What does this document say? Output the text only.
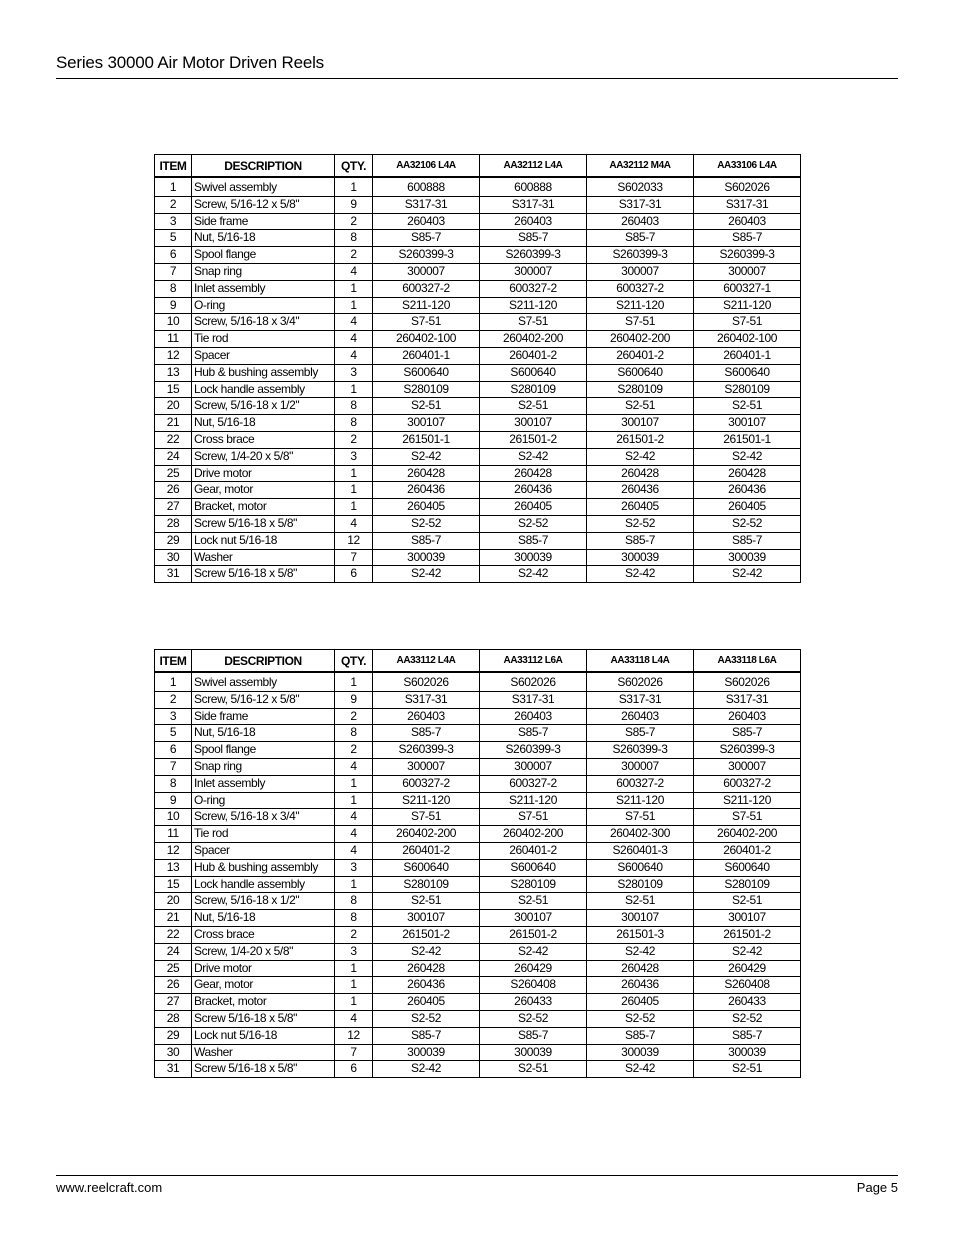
Series 30000 Air Motor Driven Reels
ITEM	DESCRIPTION	QTY.	AA32106 L4A	AA32112 L4A	AA32112 M4A	AA33106 L4A
1	Swivel assembly	1	600888	600888	S602033	S602026
2	Screw, 5/16-12 x 5/8"	9	S317-31	S317-31	S317-31	S317-31
3	Side frame	2	260403	260403	260403	260403
5	Nut, 5/16-18	8	S85-7	S85-7	S85-7	S85-7
6	Spool flange	2	S260399-3	S260399-3	S260399-3	S260399-3
7	Snap ring	4	300007	300007	300007	300007
8	Inlet assembly	1	600327-2	600327-2	600327-2	600327-1
9	O-ring	1	S211-120	S211-120	S211-120	S211-120
10	Screw, 5/16-18 x 3/4"	4	S7-51	S7-51	S7-51	S7-51
11	Tie rod	4	260402-100	260402-200	260402-200	260402-100
12	Spacer	4	260401-1	260401-2	260401-2	260401-1
13	Hub & bushing assembly	3	S600640	S600640	S600640	S600640
15	Lock handle assembly	1	S280109	S280109	S280109	S280109
20	Screw, 5/16-18 x 1/2"	8	S2-51	S2-51	S2-51	S2-51
21	Nut, 5/16-18	8	300107	300107	300107	300107
22	Cross brace	2	261501-1	261501-2	261501-2	261501-1
24	Screw, 1/4-20 x 5/8"	3	S2-42	S2-42	S2-42	S2-42
25	Drive motor	1	260428	260428	260428	260428
26	Gear, motor	1	260436	260436	260436	260436
27	Bracket, motor	1	260405	260405	260405	260405
28	Screw 5/16-18 x 5/8"	4	S2-52	S2-52	S2-52	S2-52
29	Lock nut 5/16-18	12	S85-7	S85-7	S85-7	S85-7
30	Washer	7	300039	300039	300039	300039
31	Screw 5/16-18 x 5/8"	6	S2-42	S2-42	S2-42	S2-42
ITEM	DESCRIPTION	QTY.	AA33112 L4A	AA33112 L6A	AA33118 L4A	AA33118 L6A
1	Swivel assembly	1	S602026	S602026	S602026	S602026
2	Screw, 5/16-12 x 5/8"	9	S317-31	S317-31	S317-31	S317-31
3	Side frame	2	260403	260403	260403	260403
5	Nut, 5/16-18	8	S85-7	S85-7	S85-7	S85-7
6	Spool flange	2	S260399-3	S260399-3	S260399-3	S260399-3
7	Snap ring	4	300007	300007	300007	300007
8	Inlet assembly	1	600327-2	600327-2	600327-2	600327-2
9	O-ring	1	S211-120	S211-120	S211-120	S211-120
10	Screw, 5/16-18 x 3/4"	4	S7-51	S7-51	S7-51	S7-51
11	Tie rod	4	260402-200	260402-200	260402-300	260402-200
12	Spacer	4	260401-2	260401-2	S260401-3	260401-2
13	Hub & bushing assembly	3	S600640	S600640	S600640	S600640
15	Lock handle assembly	1	S280109	S280109	S280109	S280109
20	Screw, 5/16-18 x 1/2"	8	S2-51	S2-51	S2-51	S2-51
21	Nut, 5/16-18	8	300107	300107	300107	300107
22	Cross brace	2	261501-2	261501-2	261501-3	261501-2
24	Screw, 1/4-20 x 5/8"	3	S2-42	S2-42	S2-42	S2-42
25	Drive motor	1	260428	260429	260428	260429
26	Gear, motor	1	260436	S260408	260436	S260408
27	Bracket, motor	1	260405	260433	260405	260433
28	Screw 5/16-18 x 5/8"	4	S2-52	S2-52	S2-52	S2-52
29	Lock nut 5/16-18	12	S85-7	S85-7	S85-7	S85-7
30	Washer	7	300039	300039	300039	300039
31	Screw 5/16-18 x 5/8"	6	S2-42	S2-51	S2-42	S2-51
www.reelcraft.com	Page 5
